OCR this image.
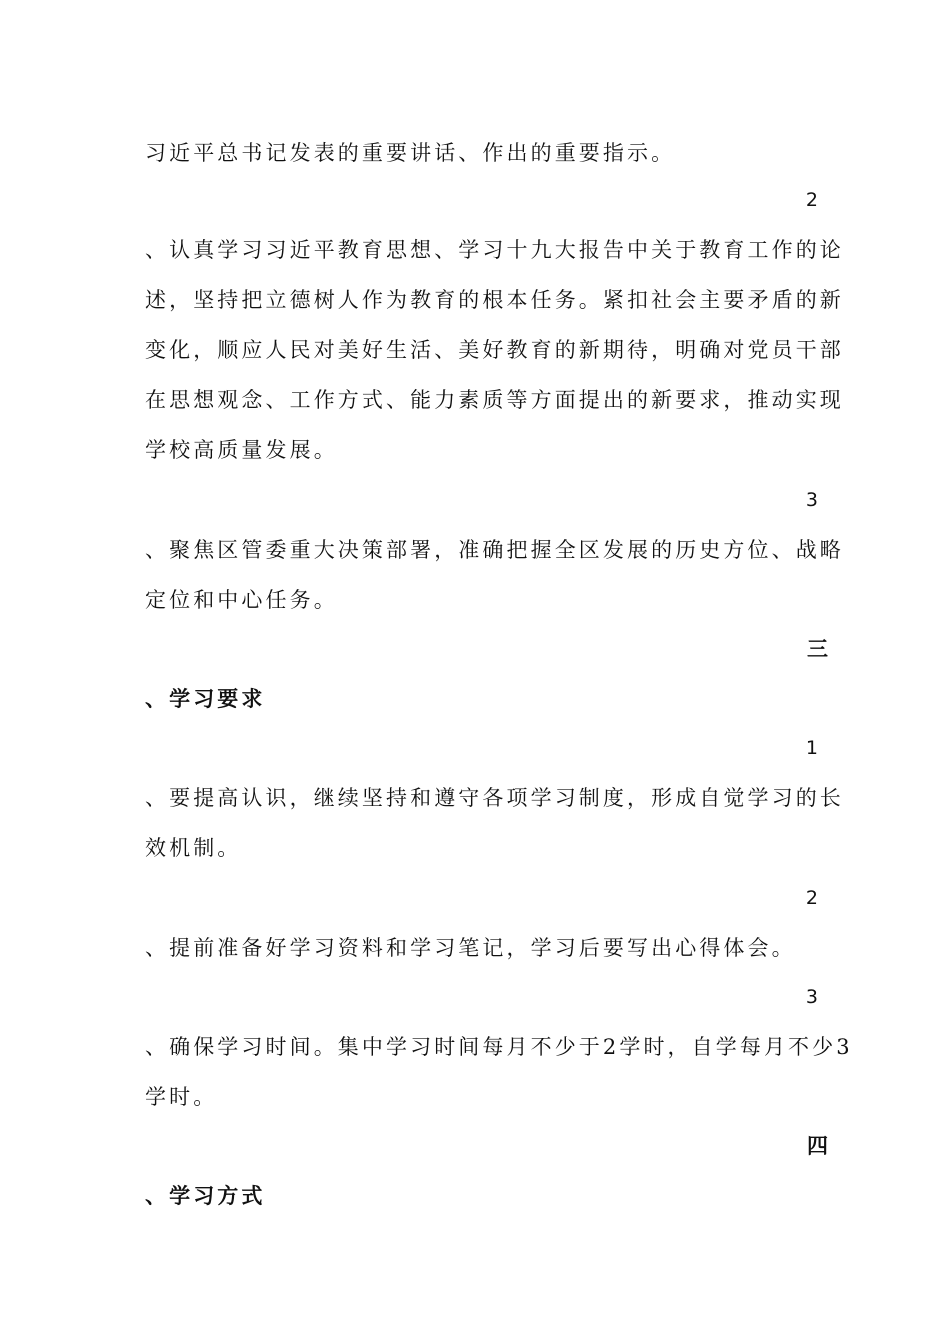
习近平总书记发表的重要讲话、作出的重要指示。
2
、认真学习习近平教育思想、学习十九大报告中关于教育工作的论
述，坚持把立德树人作为教育的根本任务。紧扣社会主要矛盾的新
变化，顺应人民对美好生活、美好教育的新期待，明确对党员干部
在思想观念、工作方式、能力素质等方面提出的新要求，推动实现
学校高质量发展。
3
、聚焦区管委重大决策部署，准确把握全区发展的历史方位、战略
定位和中心任务。
三
、学习要求
1
、要提高认识，继续坚持和遵守各项学习制度，形成自觉学习的长
效机制。
2
、提前准备好学习资料和学习笔记，学习后要写出心得体会。
3
、确保学习时间。集中学习时间每月不少于2学时，自学每月不少3
学时。
四
、学习方式
